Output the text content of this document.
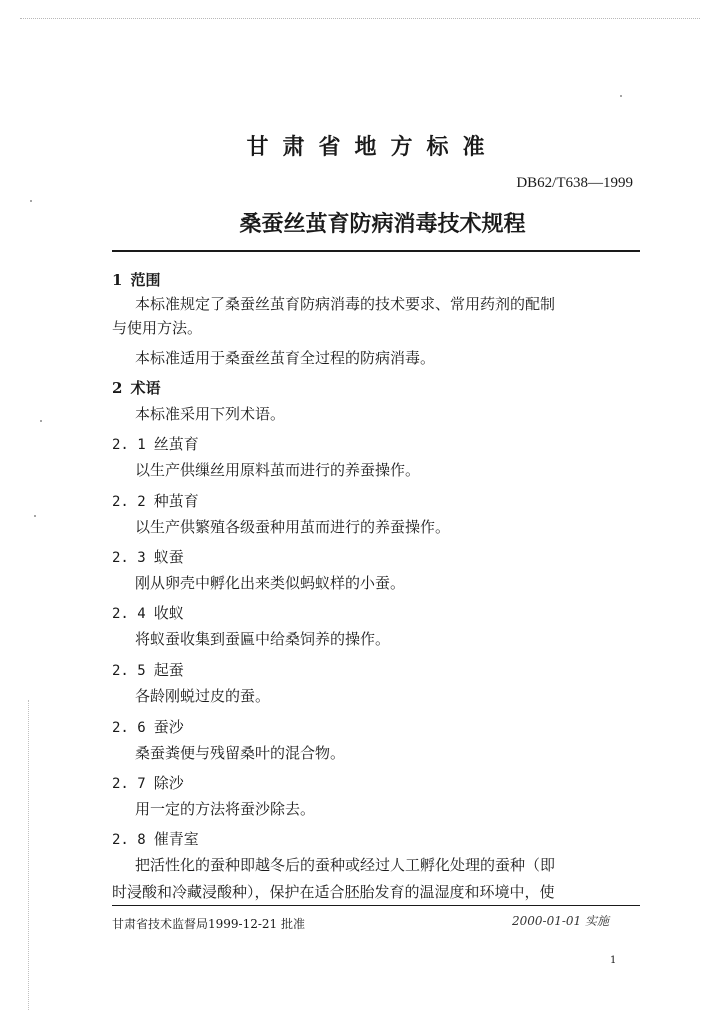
甘肃省地方标准
DB62/T638—1999
桑蚕丝茧育防病消毒技术规程
1 范围
本标准规定了桑蚕丝茧育防病消毒的技术要求、常用药剂的配制
与使用方法。
本标准适用于桑蚕丝茧育全过程的防病消毒。
2 术语
本标准采用下列术语。
2. 1 丝茧育
以生产供缫丝用原料茧而进行的养蚕操作。
2. 2 种茧育
以生产供繁殖各级蚕种用茧而进行的养蚕操作。
2. 3 蚁蚕
刚从卵壳中孵化出来类似蚂蚁样的小蚕。
2. 4 收蚁
将蚁蚕收集到蚕匾中给桑饲养的操作。
2. 5 起蚕
各龄刚蜕过皮的蚕。
2. 6 蚕沙
桑蚕粪便与残留桑叶的混合物。
2. 7 除沙
用一定的方法将蚕沙除去。
2. 8 催青室
把活性化的蚕种即越冬后的蚕种或经过人工孵化处理的蚕种（即
时浸酸和冷藏浸酸种），保护在适合胚胎发育的温湿度和环境中，使
甘肃省技术监督局1999-12-21 批准	2000-01-01 实施
1
